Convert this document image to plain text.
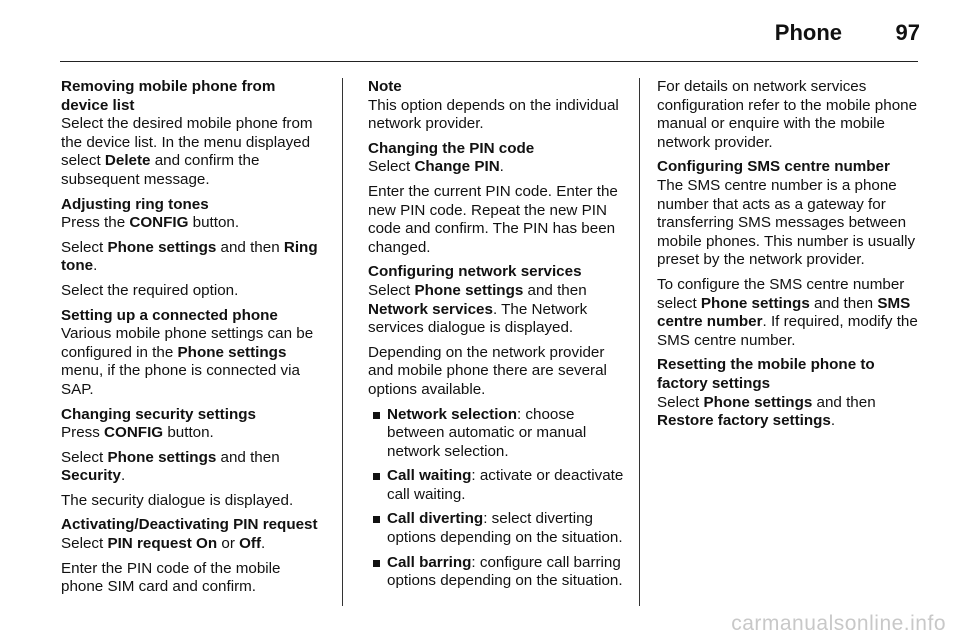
Phone 97
Removing mobile phone from device list
Select the desired mobile phone from the device list. In the menu displayed select Delete and confirm the subsequent message.
Adjusting ring tones

Press the CONFIG button.

Select Phone settings and then Ring tone.

Select the required option.

Setting up a connected phone
Various mobile phone settings can be configured in the Phone settings menu, if the phone is connected via SAP.
Changing security settings

Press CONFIG button.

Select Phone settings and then Security.

The security dialogue is displayed.

Activating/Deactivating PIN request

Select PIN request On or Off.

Enter the PIN code of the mobile phone SIM card and confirm.

Note
This option depends on the individual network provider.
Changing the PIN code

Select Change PIN.

Enter the current PIN code. Enter the new PIN code. Repeat the new PIN code and confirm. The PIN has been changed.

Configuring network services

Select Phone settings and then Network services. The Network services dialogue is displayed.

Depending on the network provider and mobile phone there are several options available.

Network selection: choose between automatic or manual network selection.
Call waiting: activate or deactivate call waiting.
Call diverting: select diverting options depending on the situation.
Call barring: configure call barring options depending on the situation.

For details on network services configuration refer to the mobile phone manual or enquire with the mobile network provider.

Configuring SMS centre number

The SMS centre number is a phone number that acts as a gateway for transferring SMS messages between mobile phones. This number is usually preset by the network provider.

To configure the SMS centre number select Phone settings and then SMS centre number. If required, modify the SMS centre number.

Resetting the mobile phone to factory settings

Select Phone settings and then Restore factory settings.

carmanualsonline.info
